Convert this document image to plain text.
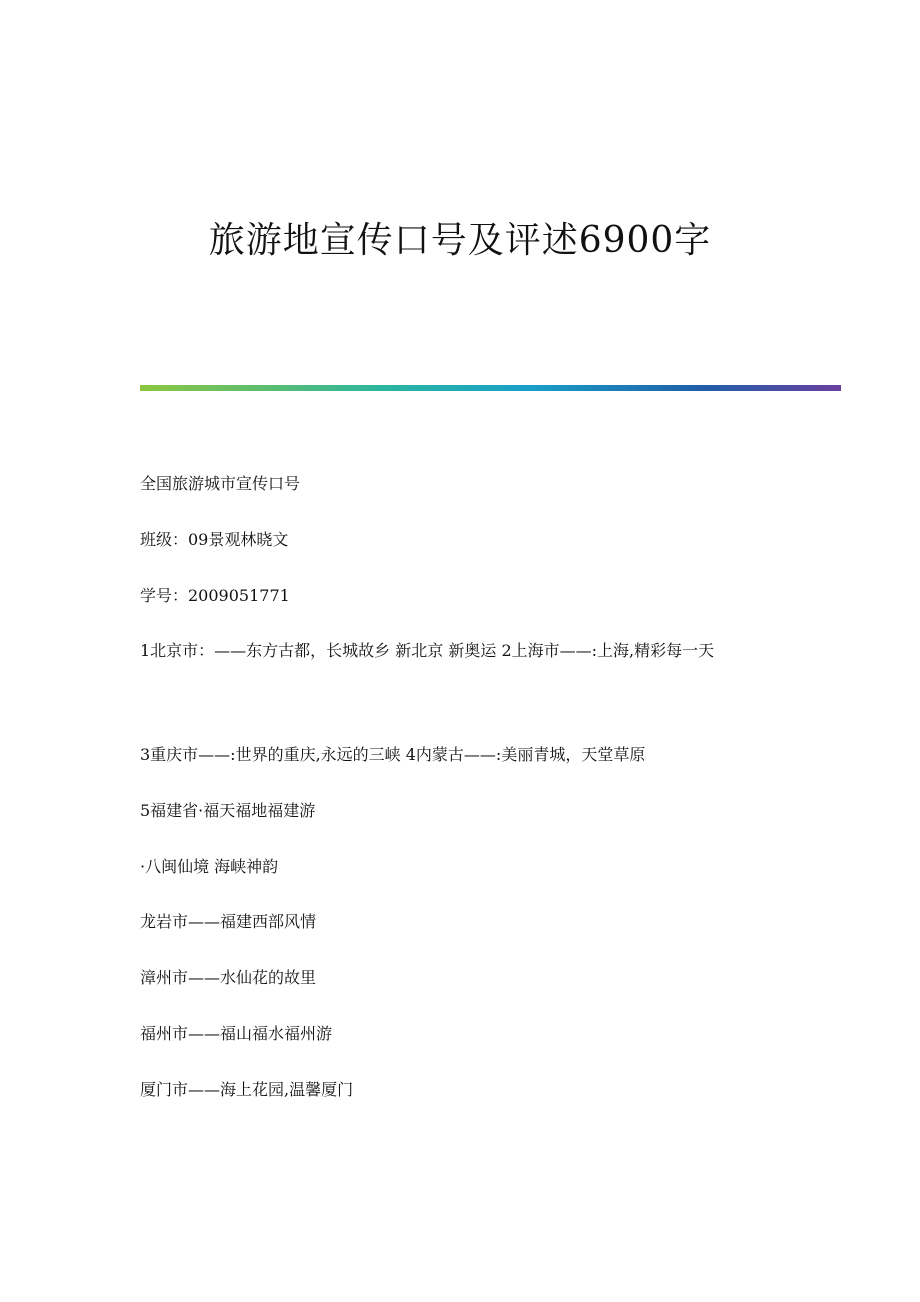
旅游地宣传口号及评述6900字

全国旅游城市宣传口号

班级：09景观林晓文

学号：2009051771

1北京市：——东方古都，长城故乡 新北京 新奥运 2上海市——:上海,精彩每一天

3重庆市——:世界的重庆,永远的三峡 4内蒙古——:美丽青城，天堂草原

5福建省·福天福地福建游

·八闽仙境 海峡神韵

龙岩市——福建西部风情

漳州市——水仙花的故里

福州市——福山福水福州游

厦门市——海上花园,温馨厦门
